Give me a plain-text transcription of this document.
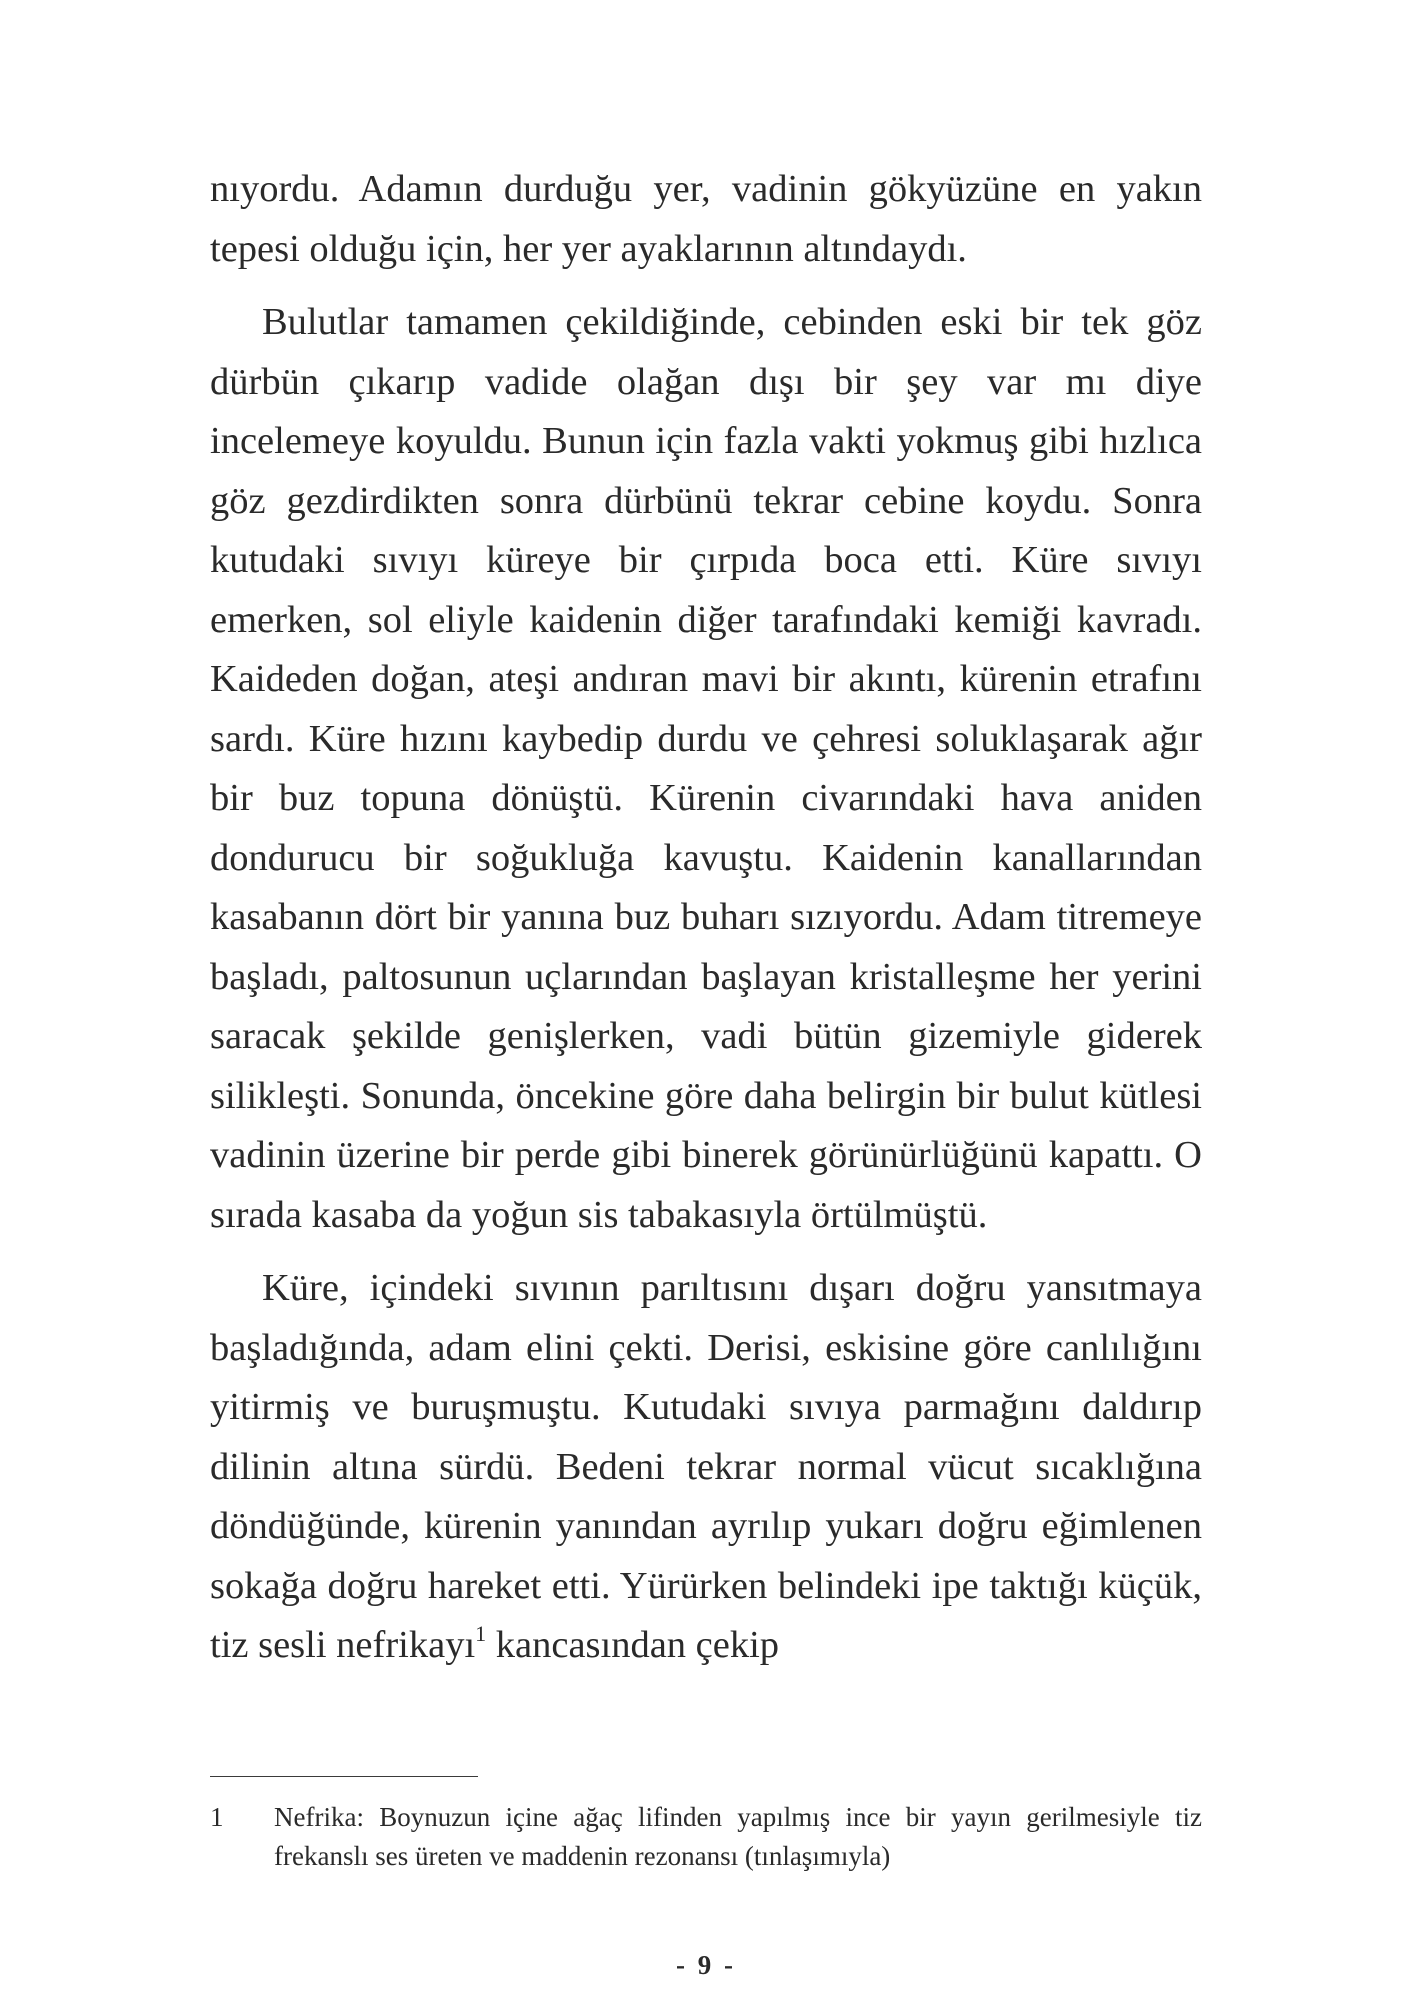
nıyordu. Adamın durduğu yer, vadinin gökyüzüne en yakın tepesi olduğu için, her yer ayaklarının altındaydı.

Bulutlar tamamen çekildiğinde, cebinden eski bir tek göz dürbün çıkarıp vadide olağan dışı bir şey var mı diye incelemeye koyuldu. Bunun için fazla vakti yokmuş gibi hızlıca göz gezdirdikten sonra dürbünü tekrar cebine koydu. Sonra kutudaki sıvıyı küreye bir çırpıda boca etti. Küre sıvıyı emerken, sol eliyle kaidenin diğer tarafındaki kemiği kavradı. Kaideden doğan, ateşi andıran mavi bir akıntı, kürenin etrafını sardı. Küre hızını kaybedip durdu ve çehresi soluklaşarak ağır bir buz topuna dönüştü. Kürenin civarındaki hava aniden dondurucu bir soğukluğa kavuştu. Kaidenin kanallarından kasabanın dört bir yanına buz buharı sızıyordu. Adam titremeye başladı, paltosunun uçlarından başlayan kristalleşme her yerini saracak şekilde genişlerken, vadi bütün gizemiyle giderek silikleşti. Sonunda, öncekine göre daha belirgin bir bulut kütlesi vadinin üzerine bir perde gibi binerek görünürlüğünü kapattı. O sırada kasaba da yoğun sis tabakasıyla örtülmüştü.

Küre, içindeki sıvının parıltısını dışarı doğru yansıtmaya başladığında, adam elini çekti. Derisi, eskisine göre canlılığını yitirmiş ve buruşmuştu. Kutudaki sıvıya parmağını daldırıp dilinin altına sürdü. Bedeni tekrar normal vücut sıcaklığına döndüğünde, kürenin yanından ayrılıp yukarı doğru eğimlenen sokağa doğru hareket etti. Yürürken belindeki ipe taktığı küçük, tiz sesli nefrikayı$^1$ kancasından çekip

1	Nefrika: Boynuzun içine ağaç lifinden yapılmış ince bir yayın gerilmesiyle tiz frekanslı ses üreten ve maddenin rezonansı (tınlaşımıyla)
- 9 -
